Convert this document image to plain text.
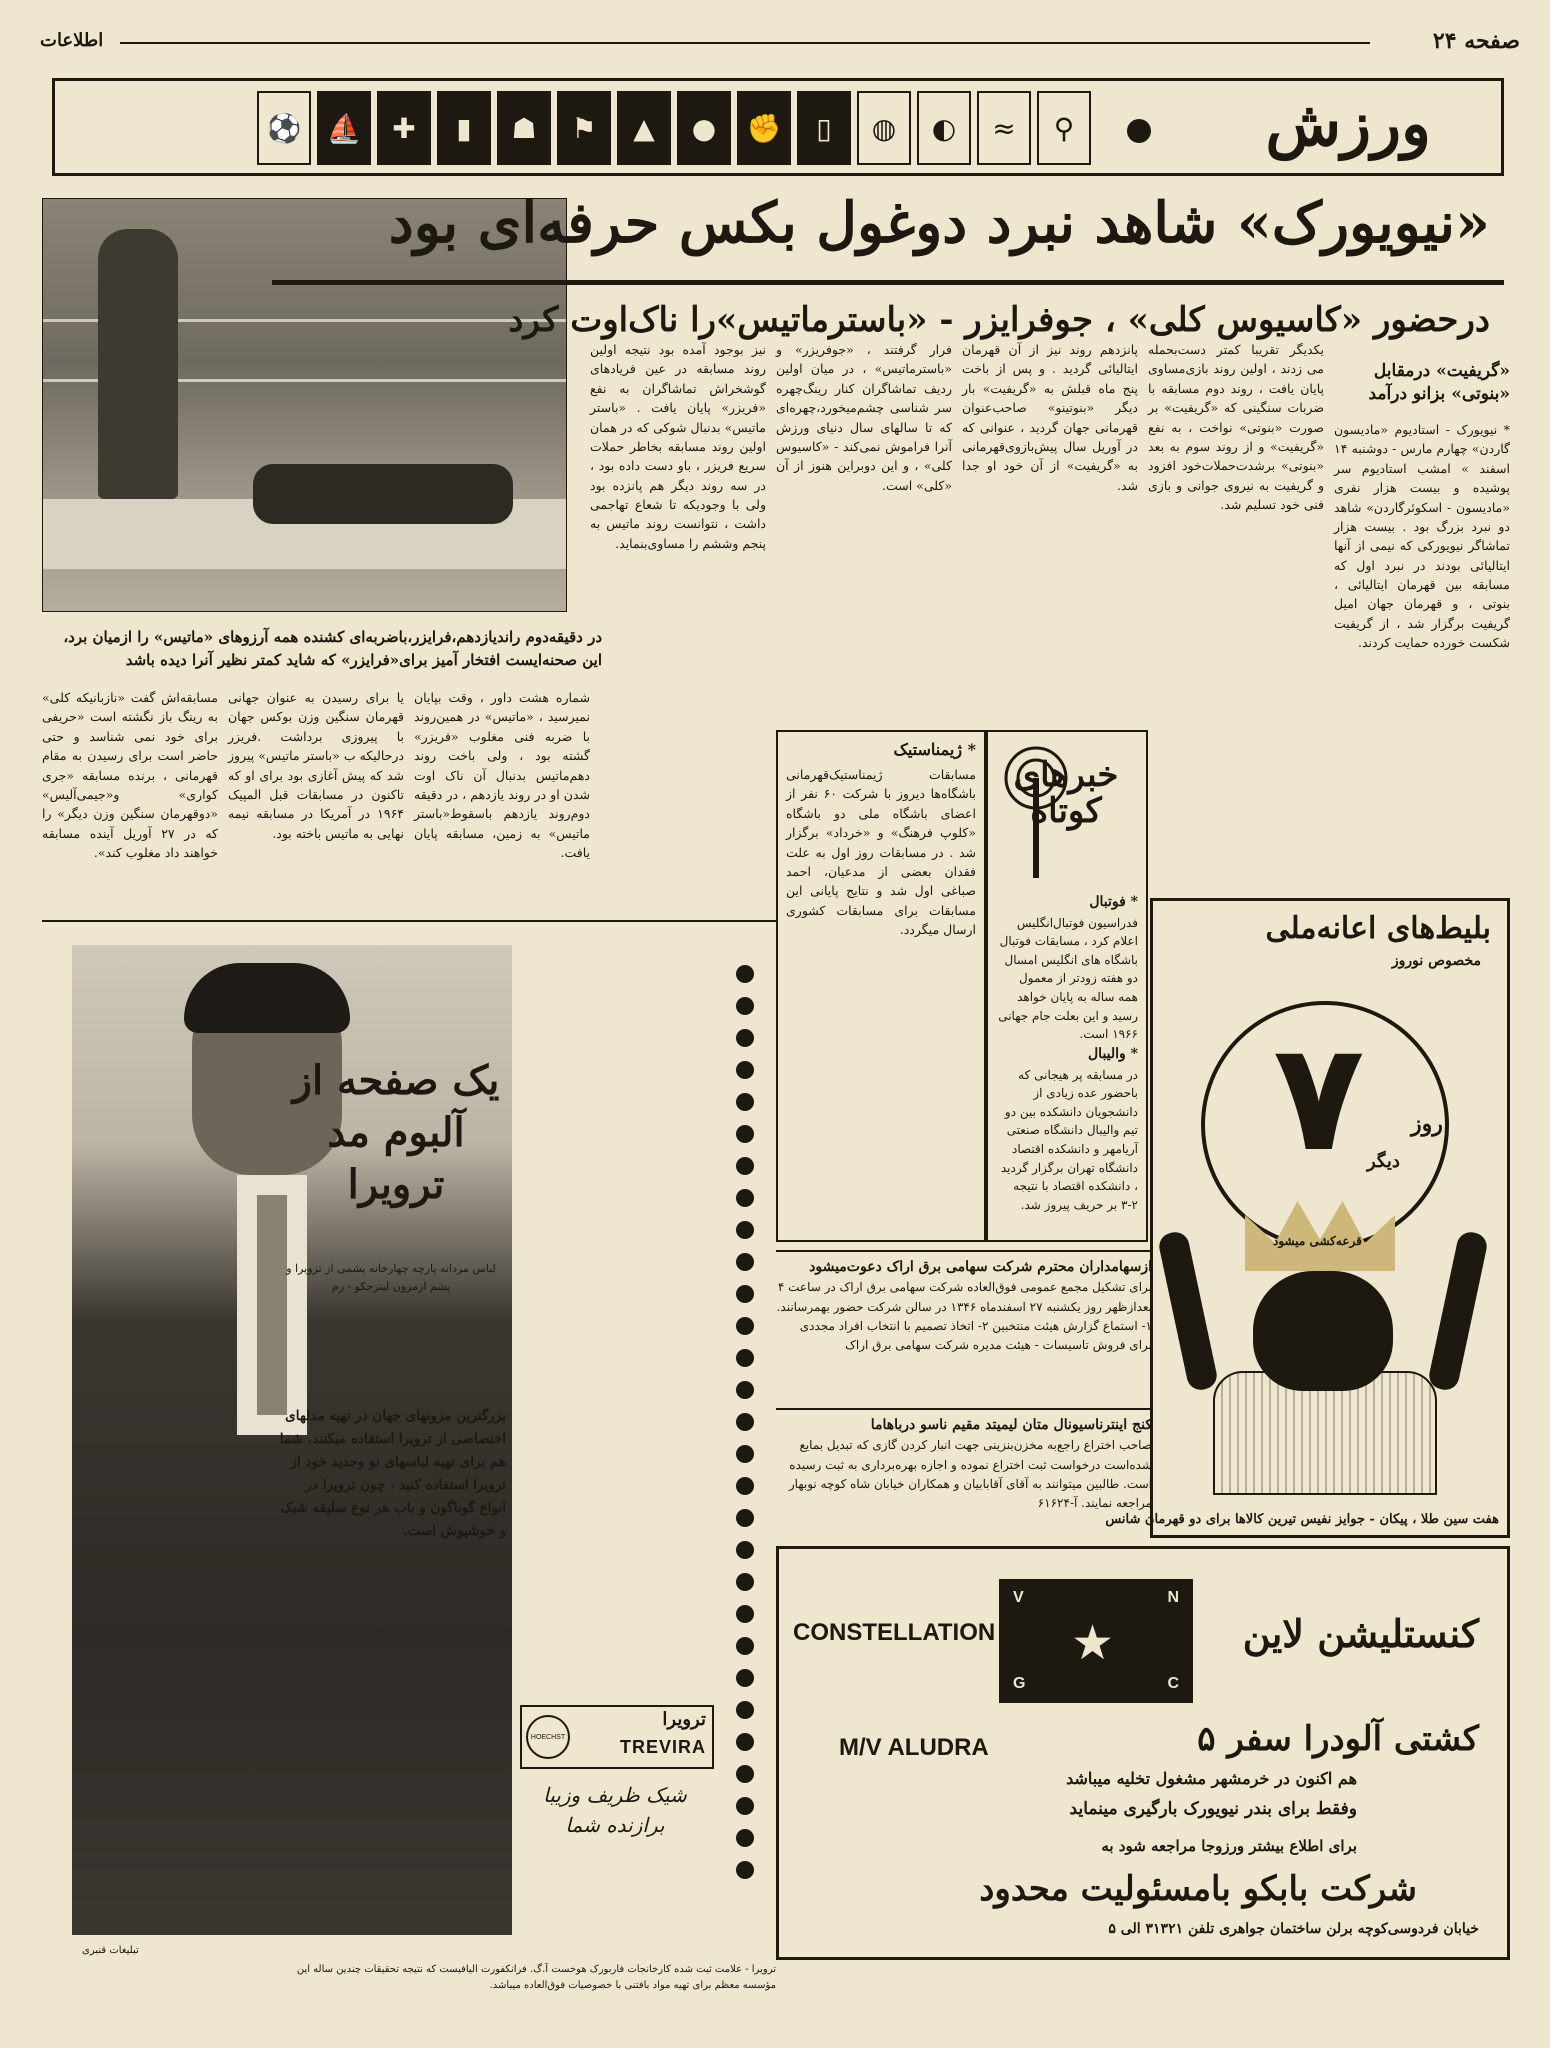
صفحه ۲۴
اطلاعات
ورزش
⚽ ⛵	✚	▮	☗	⚑	▲	●	✊	▯	◍	◐	≈	⚲
«نیویورک» شاهد نبرد دوغول بکس حرفه‌ای بود
درحضور «کاسیوس کلی» ، جوفرایزر - «باسترماتیس»را ناک‌اوت کرد
«گریفیت» درمقابل «بنوتی» بزانو درآمد

* نیویورک - استادیوم «مادیسون گاردن» چهارم مارس - دوشنبه ۱۴ اسفند » امشب استادیوم سر پوشیده و بیست هزار نفری «مادیسون - اسکوئرگاردن» شاهد دو نبرد بزرگ بود . بیست هزار تماشاگر نیویورکی که نیمی از آنها ایتالیائی بودند در نبرد اول که مسابقه بین قهرمان ایتالیائی ، بنوتی ، و قهرمان جهان امیل گریفیت برگزار شد ، از گریفیت شکست خورده حمایت کردند.

یکدیگر تقریبا کمتر دست‌بحمله می زدند ، اولین روند بازی‌مساوی پایان یافت ، روند دوم مسابقه با ضربات سنگینی که «گریفیت» بر صورت «بنوتی» نواخت ، به نفع «گریفیت» و از روند سوم به بعد «بنوتی» برشدت‌حملات‌خود افزود و گریفیت به نیروی جوانی و بازی فنی خود تسلیم شد.

پانزدهم روند نیز از آن قهرمان ایتالیائی گردید . و پس از باخت پنج ماه قبلش به «گریفیت» بار دیگر «بنوتینو» صاحب‌عنوان قهرمانی جهان گردید ، عنوانی که در آوریل سال پیش‌بازوی‌قهرمانی به «گریفیت» از آن خود او جدا شد.

فرار گرفتند ، «جوفریزر» و «باستر‌ماتیس» ، در میان اولین ردیف تماشاگران کنار رینگ‌چهره سر شناسی چشم‌میخورد،چهره‌ای که تا سالهای سال دنیای ورزش آنرا فراموش نمی‌کند - «کاسیوس کلی» ، و این دوبراین هنوز از آن «کلی» است.

نیز بوجود آمده بود نتیجه اولین روند مسابقه در عین فریاد‌های گوشخراش تماشاگران به نفع «فریزر» پایان یافت . «باستر ماتیس» بدنبال شوکی که در همان اولین روند مسابقه بخاطر حملات سریع فریزر ، باو دست داده بود ، در سه روند دیگر هم پانزده بود ولی با وجودیکه تا شعاع تهاجمی داشت ، نتوانست روند ماتیس به پنجم وششم را مساوی‌بنماید.

در دقیقه‌دوم راندیازدهم،فرایزر،باضربه‌ای کشنده همه آرزوهای «ماتیس» را ازمیان برد، این صحنه‌ایست افتخار آمیز برای«فرایزر» که شاید کمتر نظیر آنرا دیده باشد

مسابقه‌اش گفت «نازبانیکه کلی» به رینگ باز نگشته است «حریفی برای خود نمی شناسد و حتی حاضر است برای رسیدن به مقام قهرمانی ، برنده مسابقه «جری کواری» و«جیمی‌آلیس» «دوقهرمان سنگین وزن دیگر» را که در ۲۷ آوریل آینده مسابقه خواهند داد مغلوب کند».

یا برای رسیدن به عنوان جهانی قهرمان سنگین وزن بوکس جهان با پیروزی برداشت .فریزر درحالیکه ب «باستر ماتیس» پیروز شد که پیش آغازی بود برای او که تاکنون در مسابقات قبل المپیک ۱۹۶۴ در آمریکا در مسابقه نیمه نهایی به ماتیس باخته بود.

شماره هشت داور ، وقت بپایان نمیرسید ، «ماتیس» در همین‌روند با ضربه فنی مغلوب «فریزر» گشته بود ، ولی باخت روند دهم‌ماتیس بدنبال آن ناک اوت شدن او در روند یازدهم ، در دقیقه دوم‌روند یازدهم باسقوط«باستر ماتیس» به زمین، مسابقه پایان یافت.

یک صفحه از آلبوم مد ترویرا
لباس مردانه پارچه چهارخانه پشمی از ترویرا و پشم ازمزون لیترجکو - رم
بزرگترین مزونهای جهان در تهیه مدلهای اختصاصی از ترویرا استفاده میکنند. شما هم برای تهیه لباسهای نو وجدید خود از ترویرا استفاده کنید ، چون ترویرا در انواع گوناگون و باب هر نوع سلیقه شیک و خوشپوش است.
ترویرا
TREVIRA
HOECHST
شیک ظریف وزیبا برازنده شما
تبلیغات قنبری
ترویرا - علامت ثبت شده کارخانجات فاربورک هوخست آ.گ. فرانکفورت الیافیست که نتیجه تحقیقات چندین ساله این مؤسسه معظم برای تهیه مواد بافتنی با خصوصیات فوق‌العاده میباشد.
* ژیمناستیک
مسابقات ژیمناستیک‌قهرمانی باشگاه‌ها دیروز با شرکت ۶۰ نفر از اعضای باشگاه ملی دو باشگاه «کلوپ فرهنگ» و «خرداد» برگزار شد . در مسابقات روز اول به علت فقدان بعضی از مدعیان، احمد صباغی اول شد و نتایج پایانی این مسابقات برای مسابقات کشوری ارسال میگردد.
خبرهای کوتاه
* فوتبال
فدراسیون فوتبال‌انگلیس اعلام کرد ، مسابقات فوتبال باشگاه های انگلیس امسال دو هفته زودتر از معمول همه ساله به پایان خواهد رسید و این بعلت جام جهانی ۱۹۶۶ است.
* والیبال
در مسابقه پر هیجانی که باحضور عده زیادی از دانشجویان دانشکده بین دو تیم والیبال دانشگاه صنعتی آریامهر و دانشکده اقتصاد دانشگاه تهران برگزار گردید ، دانشکده اقتصاد با نتیجه ۲-۳ بر حریف پیروز شد.
ازسهامداران محترم شرکت سهامی برق اراک دعوت‌میشود
برای تشکیل مجمع عمومی فوق‌العاده شرکت سهامی برق اراک در ساعت ۴ بعدازظهر روز یکشنبه ۲۷ اسفندماه ۱۳۴۶ در سالن شرکت حضور بهمرسانند. ۱- استماع گزارش هیئت منتخبین ۲- اتخاذ تصمیم با انتخاب افراد مجددی برای فروش تاسیسات - هیئت مدیره شرکت سهامی برق اراک
کنج اینترناسیونال متان لیمیتد مقیم ناسو درباهاما
صاحب اختراع راجع‌به مخزن‌بنزینی جهت انبار کردن گازی که تبدیل بمایع شده‌است درخواست ثبت اختراع نموده و اجازه بهره‌برداری به ثبت رسیده است. طالبین میتوانند به آقای آقابابیان و همکاران خیابان شاه کوچه نوبهار مراجعه نمایند. آ-۶۱۶۲۴
بلیط‌های اعانه‌ملی
مخصوص نوروز
۷ روز
دیگر
قرعه‌کشی میشود
هفت سین طلا ، پیکان - جوایز نفیس تیرین کالاها برای دو قهرمان شانس
کنستلیشن لاین
V	N
G	C
★
CONSTELLATION LINE
M/V ALUDRA	کشتی آلودرا سفر ۵
هم اکنون در خرمشهر مشغول تخلیه میباشد
وفقط برای بندر نیویورک بارگیری مینماید
برای اطلاع بیشتر ورزوجا مراجعه شود به
شرکت بابکو بامسئولیت محدود
خیابان فردوسی‌کوچه برلن ساختمان جواهری تلفن ۳۱۳۲۱ الی ۵
